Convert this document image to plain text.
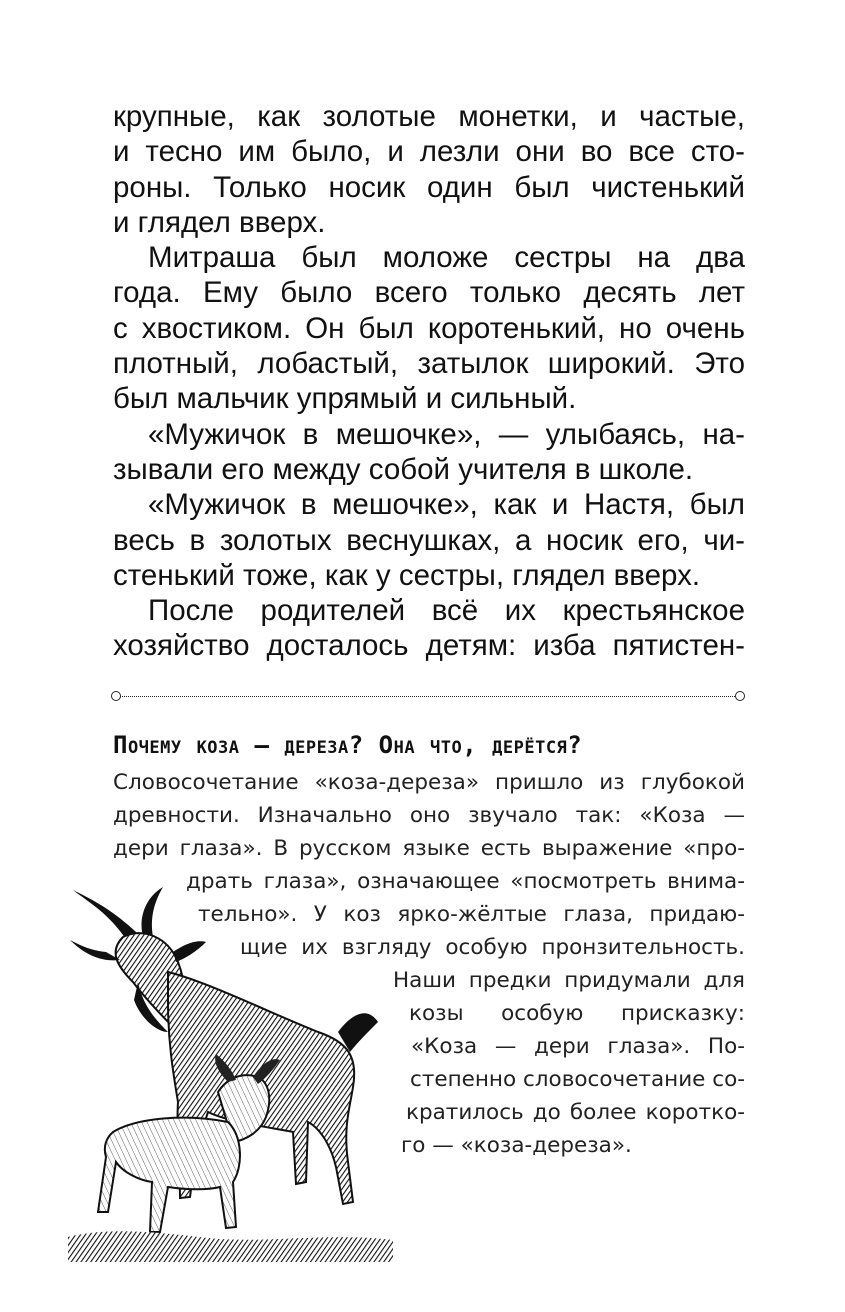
крупные, как золотые монетки, и частые,
и тесно им было, и лезли они во все сто-
роны. Только носик один был чистенький
и глядел вверх.
Митраша был моложе сестры на два
года. Ему было всего только десять лет
с хвостиком. Он был коротенький, но очень
плотный, лобастый, затылок широкий. Это
был мальчик упрямый и сильный.
«Мужичок в мешочке», — улыбаясь, на-
зывали его между собой учителя в школе.
«Мужичок в мешочке», как и Настя, был
весь в золотых веснушках, а носик его, чи-
стенький тоже, как у сестры, глядел вверх.
После родителей всё их крестьянское
хозяйство досталось детям: изба пятистен-
Почему коза — дереза? Она что, дерётся?
Словосочетание «коза-дереза» пришло из глубокой
древности. Изначально оно звучало так: «Коза —
дери глаза». В русском языке есть выражение «про-
драть глаза», означающее «посмотреть внима-
тельно». У коз ярко-жёлтые глаза, придаю-
щие их взгляду особую пронзительность.
Наши предки придумали для
козы особую присказку:
«Коза — дери глаза». По-
степенно словосочетание со-
кратилось до более коротко-
го — «коза-дереза».
